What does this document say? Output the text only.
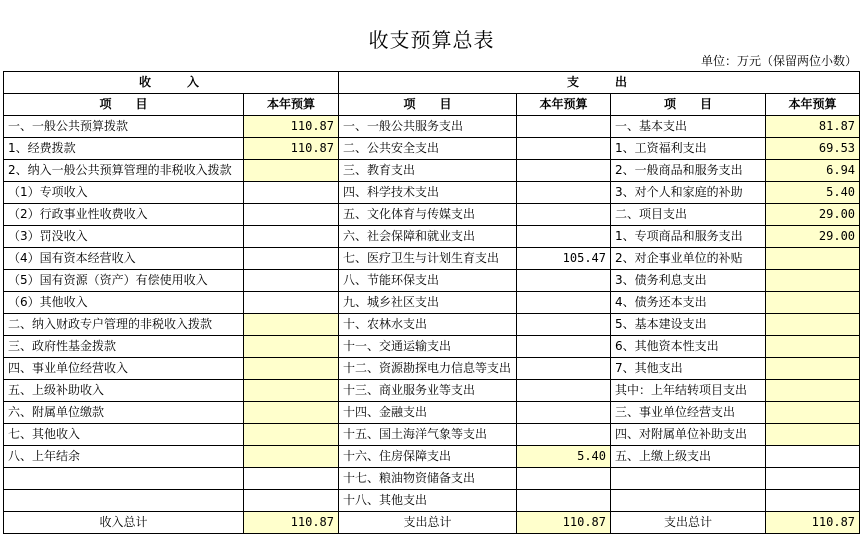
收支预算总表
单位：万元（保留两位小数）
收　　入		支　　出			
项　　目	本年预算	项　　目	本年预算	项　　目	本年预算
一、一般公共预算拨款	110.87	一、一般公共服务支出		一、基本支出	81.87
1、经费拨款	110.87	二、公共安全支出		1、工资福利支出	69.53
2、纳入一般公共预算管理的非税收入拨款		三、教育支出		2、一般商品和服务支出	6.94
（1）专项收入		四、科学技术支出		3、对个人和家庭的补助	5.40
（2）行政事业性收费收入		五、文化体育与传媒支出		二、项目支出	29.00
（3）罚没收入		六、社会保障和就业支出		1、专项商品和服务支出	29.00
（4）国有资本经营收入		七、医疗卫生与计划生育支出	105.47	2、对企事业单位的补贴	
（5）国有资源（资产）有偿使用收入		八、节能环保支出		3、债务利息支出	
（6）其他收入		九、城乡社区支出		4、债务还本支出	
二、纳入财政专户管理的非税收入拨款		十、农林水支出		5、基本建设支出	
三、政府性基金拨款		十一、交通运输支出		6、其他资本性支出	
四、事业单位经营收入		十二、资源勘探电力信息等支出		7、其他支出	
五、上级补助收入		十三、商业服务业等支出		其中：上年结转项目支出	
六、附属单位缴款		十四、金融支出		三、事业单位经营支出	
七、其他收入		十五、国土海洋气象等支出		四、对附属单位补助支出	
八、上年结余		十六、住房保障支出	5.40	五、上缴上级支出	
		十七、粮油物资储备支出			
		十八、其他支出			
收入总计	110.87	支出总计	110.87	支出总计	110.87
